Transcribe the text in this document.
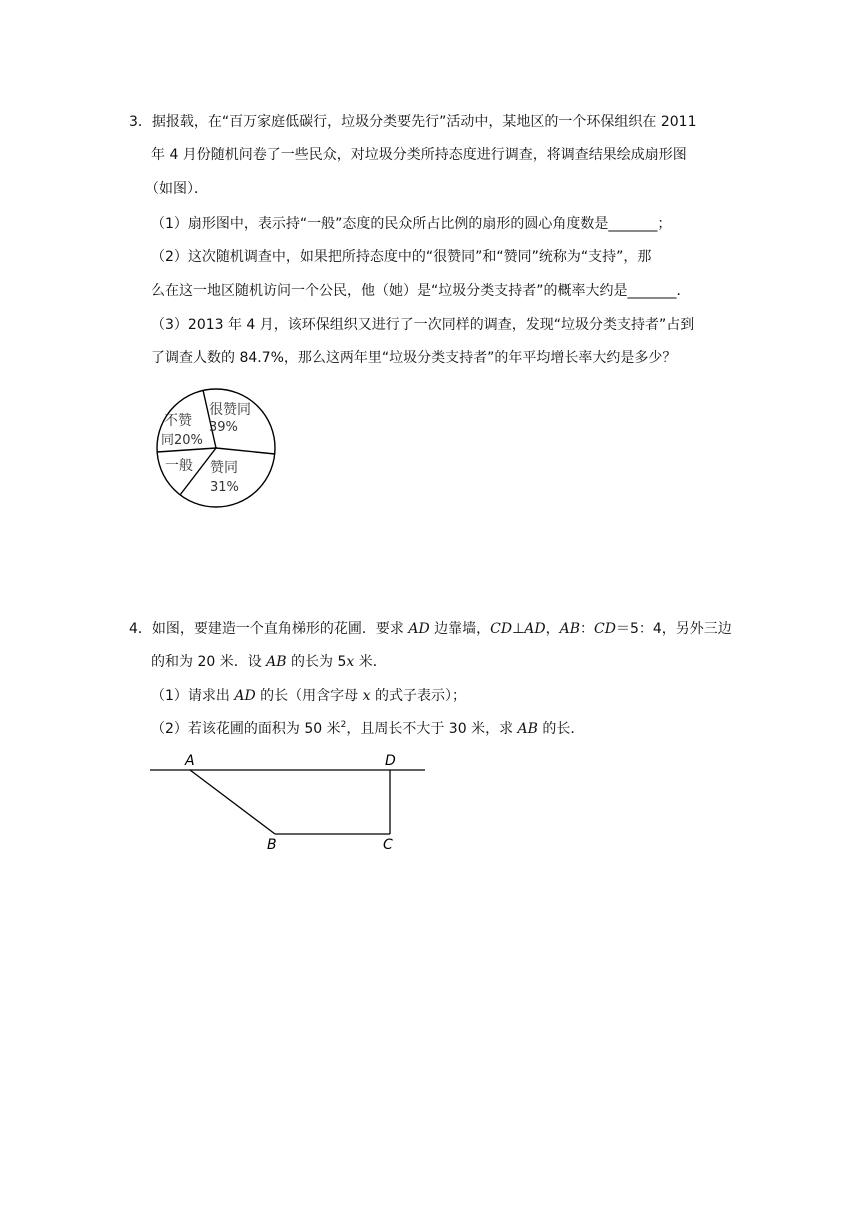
3．据报载，在“百万家庭低碳行，垃圾分类要先行”活动中，某地区的一个环保组织在 2011
年 4 月份随机问卷了一些民众，对垃圾分类所持态度进行调查，将调查结果绘成扇形图
（如图）．
（1）扇形图中，表示持“一般”态度的民众所占比例的扇形的圆心角度数是_______；
（2）这次随机调查中，如果把所持态度中的“很赞同”和“赞同”统称为“支持”，那
么在这一地区随机访问一个公民，他（她）是“垃圾分类支持者”的概率大约是_______．
（3）2013 年 4 月，该环保组织又进行了一次同样的调查，发现“垃圾分类支持者”占到
了调查人数的 84.7%，那么这两年里“垃圾分类支持者”的年平均增长率大约是多少？
很赞同
39%
不赞
同20%
一般 赞同
31%
4．如图，要建造一个直角梯形的花圃．要求 AD 边靠墙，CD⊥AD，AB：CD＝5：4，另外三边
的和为 20 米．设 AB 的长为 5x 米．
（1）请求出 AD 的长（用含字母 x 的式子表示）；
（2）若该花圃的面积为 50 米$^2$，且周长不大于 30 米，求 AB 的长．
A	D
B	C
